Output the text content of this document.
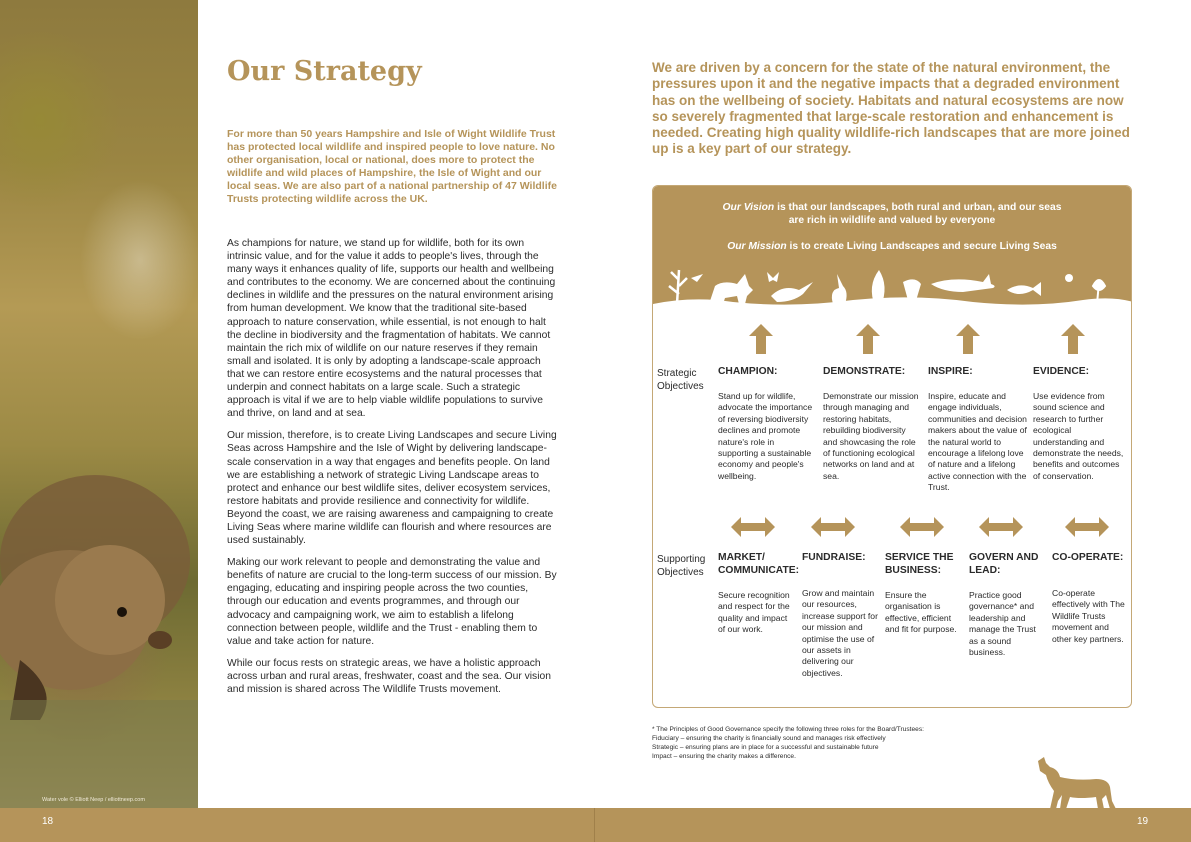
Water vole © Elliott Neep / elliottneep.com
Our Strategy

For more than 50 years Hampshire and Isle of Wight Wildlife Trust has protected local wildlife and inspired people to love nature. No other organisation, local or national, does more to protect the wildlife and wild places of Hampshire, the Isle of Wight and our local seas. We are also part of a national partnership of 47 Wildlife Trusts protecting wildlife across the UK.

As champions for nature, we stand up for wildlife, both for its own intrinsic value, and for the value it adds to people's lives, through the many ways it enhances quality of life, supports our health and wellbeing and contributes to the economy. We are concerned about the continuing declines in wildlife and the pressures on the natural environment arising from human development. We know that the traditional site-based approach to nature conservation, while essential, is not enough to halt the decline in biodiversity and the fragmentation of habitats. We cannot maintain the rich mix of wildlife on our nature reserves if they remain small and isolated. It is only by adopting a landscape-scale approach that we can restore entire ecosystems and the natural processes that underpin and connect habitats on a large scale. Such a strategic approach is vital if we are to help viable wildlife populations to survive and thrive, on land and at sea.

Our mission, therefore, is to create Living Landscapes and secure Living Seas across Hampshire and the Isle of Wight by delivering landscape-scale conservation in a way that engages and benefits people. On land we are establishing a network of strategic Living Landscape areas to protect and enhance our best wildlife sites, deliver ecosystem services, restore habitats and provide resilience and connectivity for wildlife. Beyond the coast, we are raising awareness and campaigning to create Living Seas where marine wildlife can flourish and where resources are used sustainably.

Making our work relevant to people and demonstrating the value and benefits of nature are crucial to the long-term success of our mission. By engaging, educating and inspiring people across the two counties, through our education and events programmes, and through our advocacy and campaigning work, we aim to establish a lifelong connection between people, wildlife and the Trust - enabling them to value and take action for nature.

While our focus rests on strategic areas, we have a holistic approach across urban and rural areas, freshwater, coast and the sea. Our vision and mission is shared across The Wildlife Trusts movement.

We are driven by a concern for the state of the natural environment, the pressures upon it and the negative impacts that a degraded environment has on the wellbeing of society. Habitats and natural ecosystems are now so severely fragmented that large-scale restoration and enhancement is needed. Creating high quality wildlife-rich landscapes that are more joined up is a key part of our strategy.

Our Vision is that our landscapes, both rural and urban, and our seas
are rich in wildlife and valued by everyone
Our Mission is to create Living Landscapes and secure Living Seas
Strategic Objectives
CHAMPION:
Stand up for wildlife, advocate the importance of reversing biodiversity declines and promote nature's role in supporting a sustainable economy and people's wellbeing.
DEMONSTRATE:
Demonstrate our mission through managing and restoring habitats, rebuilding biodiversity and showcasing the role of functioning ecological networks on land and at sea.
INSPIRE:
Inspire, educate and engage individuals, communities and decision makers about the value of the natural world to encourage a lifelong love of nature and a lifelong active connection with the Trust.
EVIDENCE:
Use evidence from sound science and research to further ecological understanding and demonstrate the needs, benefits and outcomes of conservation.
Supporting Objectives
MARKET/ COMMUNICATE:
Secure recognition and respect for the quality and impact of our work.
FUNDRAISE:
Grow and maintain our resources, increase support for our mission and optimise the use of our assets in delivering our objectives.
SERVICE THE BUSINESS:
Ensure the organisation is effective, efficient and fit for purpose.
GOVERN AND LEAD:
Practice good governance* and leadership and manage the Trust as a sound business.
CO-OPERATE:
Co-operate effectively with The Wildlife Trusts movement and other key partners.
* The Principles of Good Governance specify the following three roles for the Board/Trustees:
Fiduciary – ensuring the charity is financially sound and manages risk effectively
Strategic – ensuring plans are in place for a successful and sustainable future
Impact – ensuring the charity makes a difference.
18	19
